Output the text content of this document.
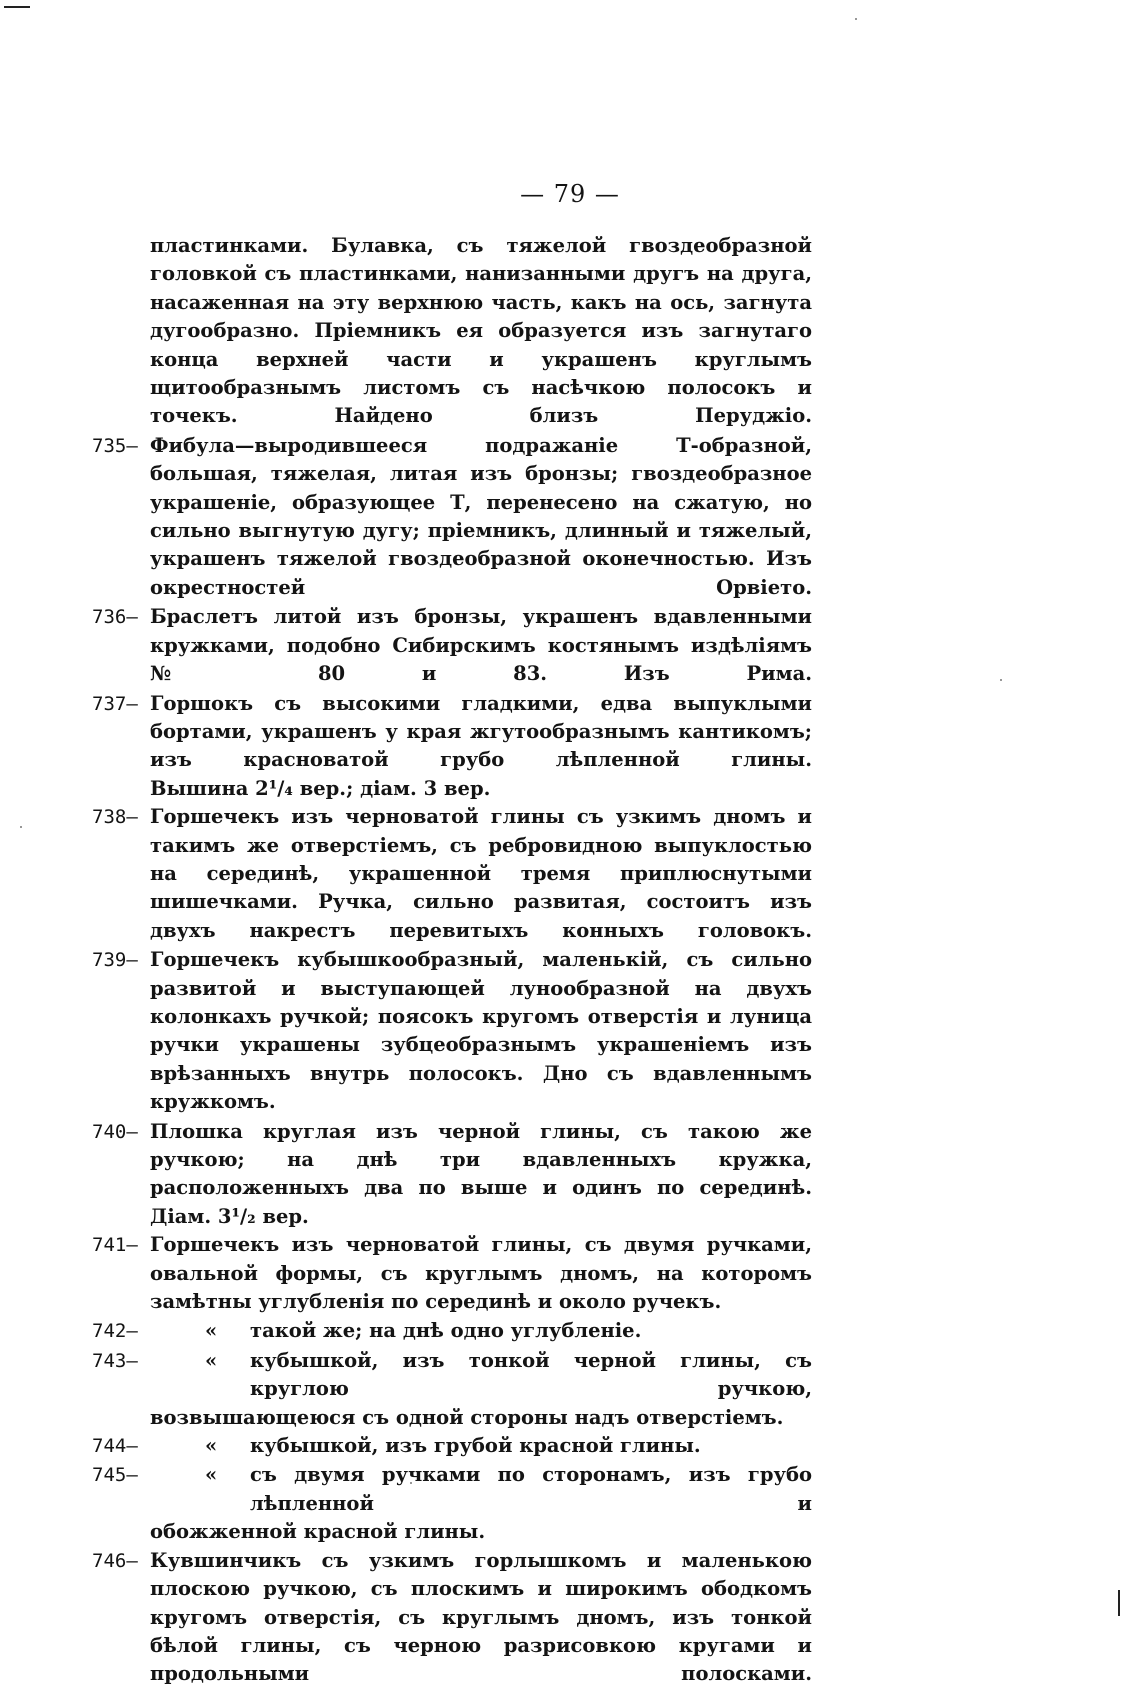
— 79 —
пластинками. Булавка, съ тяжелой гвоздеобразной головкой съ пластинками, нанизанными другъ на друга, насаженная на эту верхнюю часть, какъ на ось, загнута дугообразно. Пріемникъ ея образуется изъ загнутаго конца верхней части и украшенъ круглымъ щитообразнымъ листомъ съ насѣчкою полосокъ и точекъ. Найдено близъ Перуджіо.
735— Фибула—выродившееся подражаніе Т-образной, большая, тяжелая, литая изъ бронзы; гвоздеобразное украшеніе, образующее Т, перенесено на сжатую, но сильно выгнутую дугу; пріемникъ, длинный и тяжелый, украшенъ тяжелой гвоздеобразной оконечностью. Изъ окрестностей Орвіето.
736— Браслетъ литой изъ бронзы, украшенъ вдавленными кружками, подобно Сибирскимъ костянымъ издѣліямъ № 80 и 83. Изъ Рима.
737— Горшокъ съ высокими гладкими, едва выпуклыми бортами, украшенъ у края жгутообразнымъ кантикомъ; изъ красноватой грубо лѣпленной глины.
Вышина 2¹/₄ вер.; діам. 3 вер.
738— Горшечекъ изъ черноватой глины съ узкимъ дномъ и такимъ же отверстіемъ, съ ребровидною выпуклостью на серединѣ, украшенной тремя приплюснутыми шишечками. Ручка, сильно развитая, состоитъ изъ двухъ накрестъ перевитыхъ конныхъ головокъ.
739— Горшечекъ кубышкообразный, маленькій, съ сильно развитой и выступающей лунообразной на двухъ колонкахъ ручкой; поясокъ кругомъ отверстія и луница ручки украшены зубцеобразнымъ украшеніемъ изъ врѣзанныхъ внутрь полосокъ. Дно съ вдавленнымъ кружкомъ.
740— Плошка круглая изъ черной глины, съ такою же ручкою; на днѣ три вдавленныхъ кружка, расположенныхъ два по выше и одинъ по серединѣ.
Діам. 3¹/₂ вер.
741— Горшечекъ изъ черноватой глины, съ двумя ручками, овальной формы, съ круглымъ дномъ, на которомъ замѣтны углубленія по серединѣ и около ручекъ.
742—	« такой же; на днѣ одно углубленіе.
743—	«	кубышкой, изъ тонкой черной глины, съ круглою ручкою,
возвышающеюся съ одной стороны надъ отверстіемъ.
744—	« кубышкой, изъ грубой красной глины.
745—	«	съ двумя ручками по сторонамъ, изъ грубо лѣпленной и
обожженной красной глины.
746— Кувшинчикъ съ узкимъ горлышкомъ и маленькою плоскою ручкою, съ плоскимъ и широкимъ ободкомъ кругомъ отверстія, съ круглымъ дномъ, изъ тонкой бѣлой глины, съ черною разрисовкою кругами и продольными полосками.
